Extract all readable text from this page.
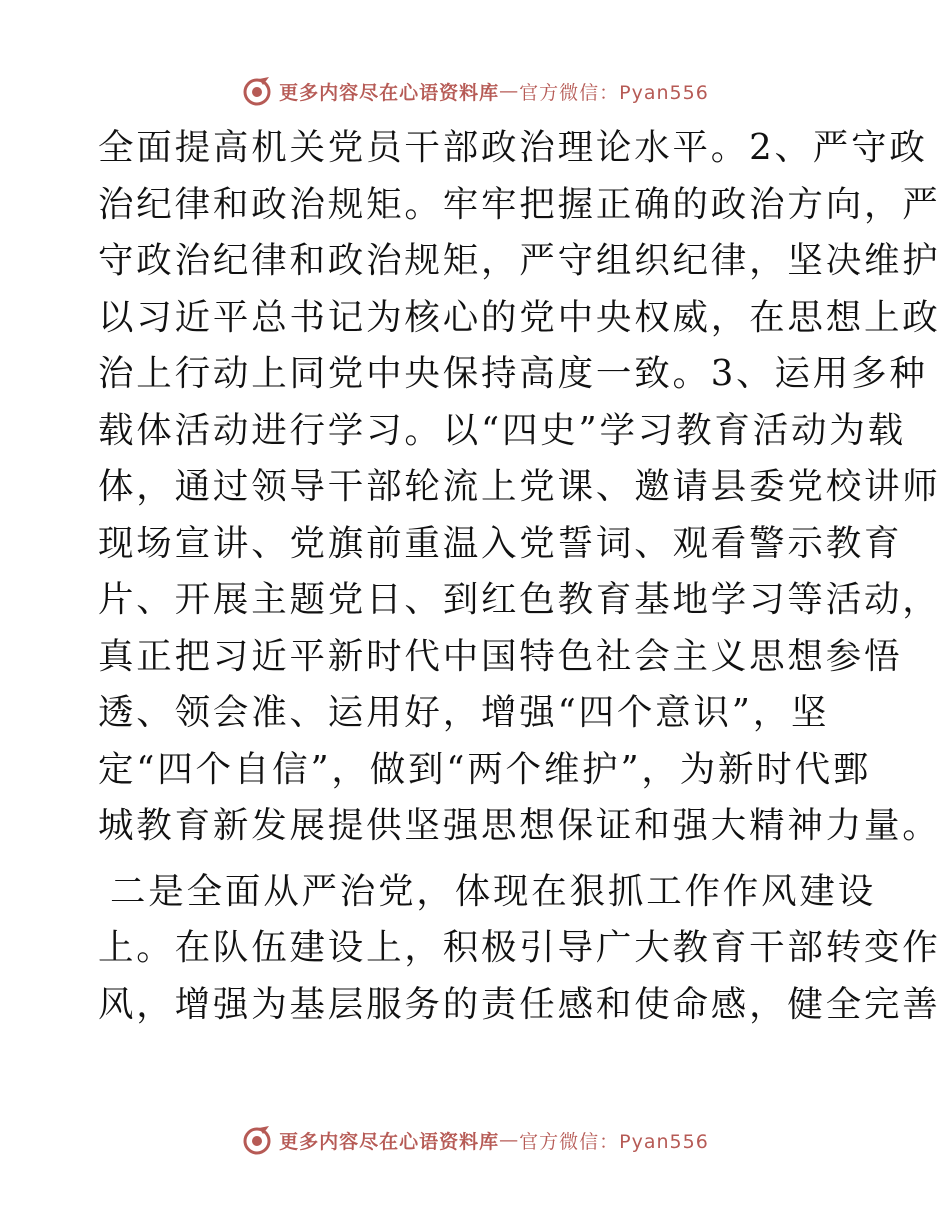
更多内容尽在心语资料库 — 官方微信：Pyan556
全面提高机关党员干部政治理论水平。2、严守政
治纪律和政治规矩。牢牢把握正确的政治方向，严
守政治纪律和政治规矩，严守组织纪律，坚决维护
以习近平总书记为核心的党中央权威，在思想上政
治上行动上同党中央保持高度一致。3、运用多种
载体活动进行学习。以“四史”学习教育活动为载
体，通过领导干部轮流上党课、邀请县委党校讲师
现场宣讲、党旗前重温入党誓词、观看警示教育
片、开展主题党日、到红色教育基地学习等活动，
真正把习近平新时代中国特色社会主义思想参悟
透、领会准、运用好，增强“四个意识”，坚
定“四个自信”，做到“两个维护”，为新时代鄄
城教育新发展提供坚强思想保证和强大精神力量。
二是全面从严治党，体现在狠抓工作作风建设
上。在队伍建设上，积极引导广大教育干部转变作
风，增强为基层服务的责任感和使命感，健全完善
更多内容尽在心语资料库 — 官方微信：Pyan556
